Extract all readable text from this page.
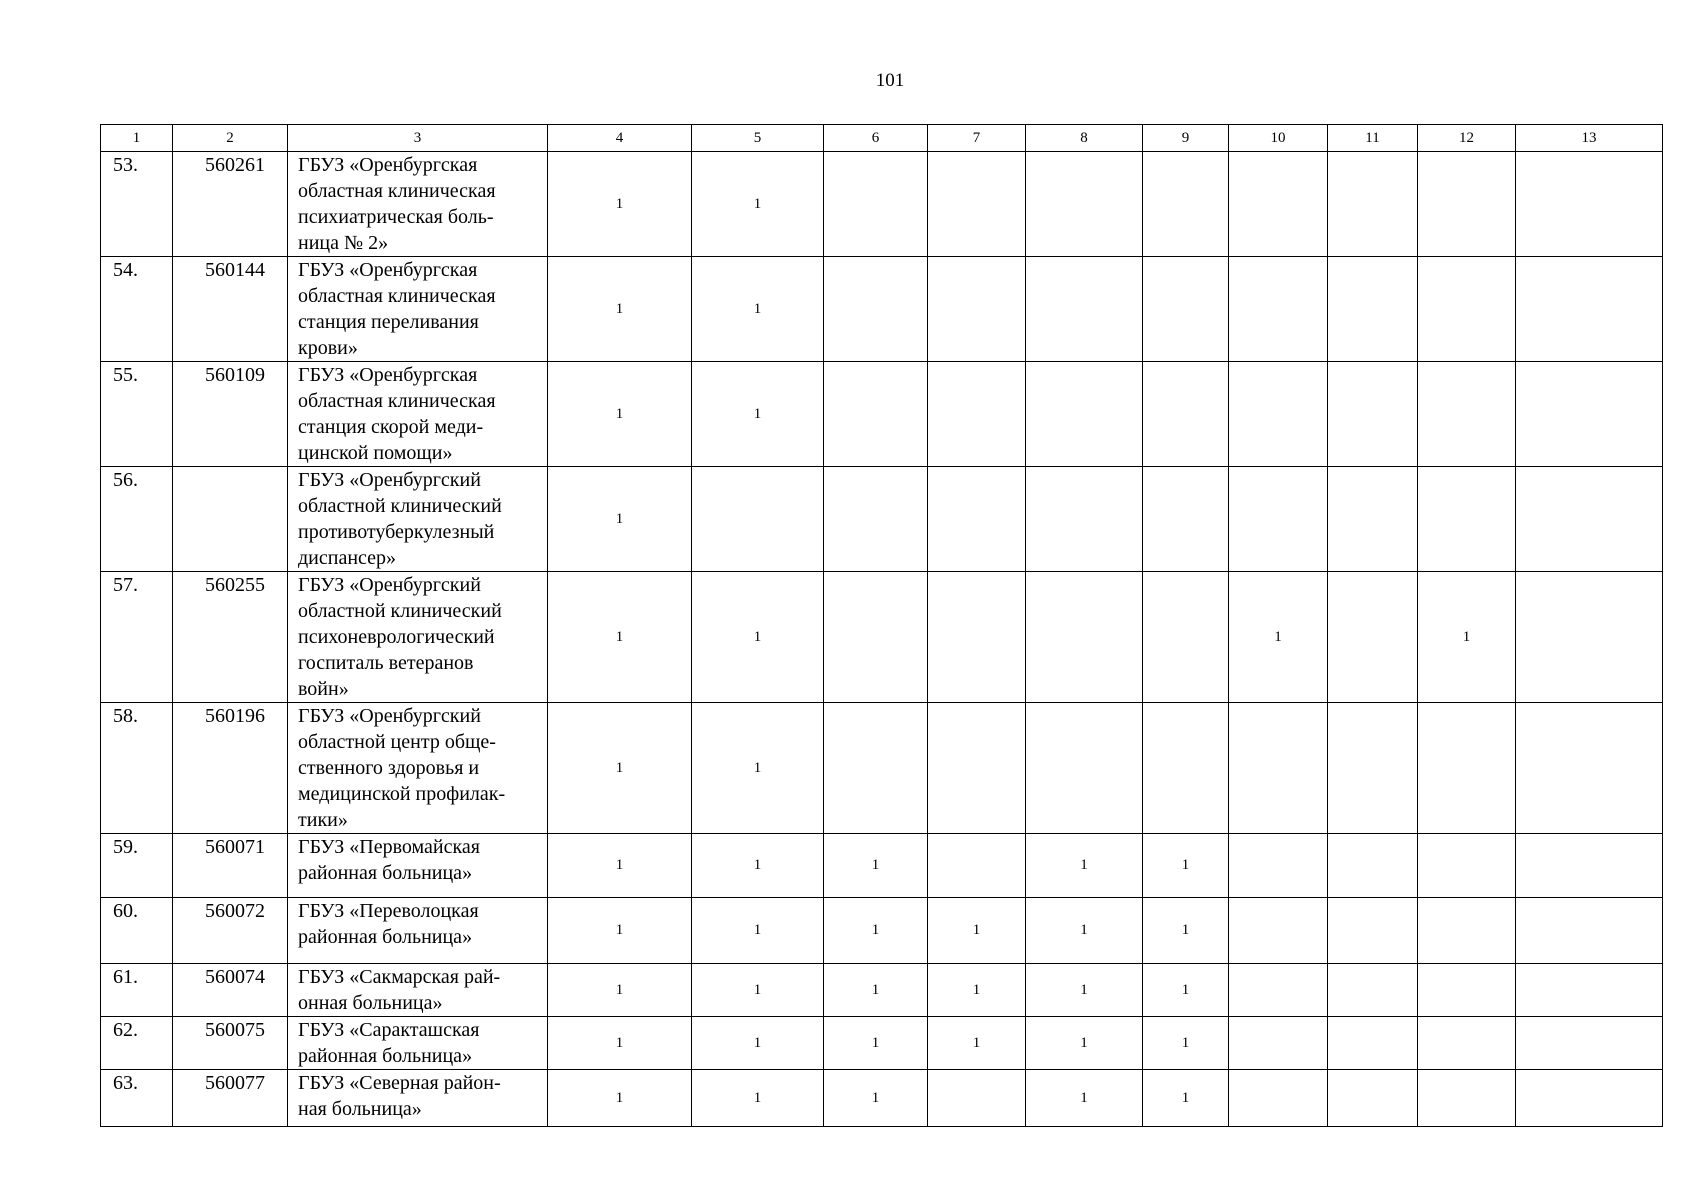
101
1	2	3	4	5	6	7	8	9	10	11	12	13
53.	560261	ГБУЗ «Оренбургская
областная клиническая
психиатрическая боль-
ница № 2»	1	1								
54.	560144	ГБУЗ «Оренбургская
областная клиническая
станция переливания
крови»	1	1								
55.	560109	ГБУЗ «Оренбургская
областная клиническая
станция скорой меди-
цинской помощи»	1	1								
56.		ГБУЗ «Оренбургский
областной клинический
противотуберкулезный
диспансер»	1									
57.	560255	ГБУЗ «Оренбургский
областной клинический
психоневрологический
госпиталь ветеранов
войн»	1	1					1		1	
58.	560196	ГБУЗ «Оренбургский
областной центр обще-
ственного здоровья и
медицинской профилак-
тики»	1	1								
59.	560071	ГБУЗ «Первомайская
районная больница»	1	1	1		1	1				
60.	560072	ГБУЗ «Переволоцкая
районная больница»	1	1	1	1	1	1				
61.	560074	ГБУЗ «Сакмарская рай-
онная больница»	1	1	1	1	1	1				
62.	560075	ГБУЗ «Саракташская
районная больница»	1	1	1	1	1	1				
63.	560077	ГБУЗ «Северная район-
ная больница»	1	1	1		1	1				
